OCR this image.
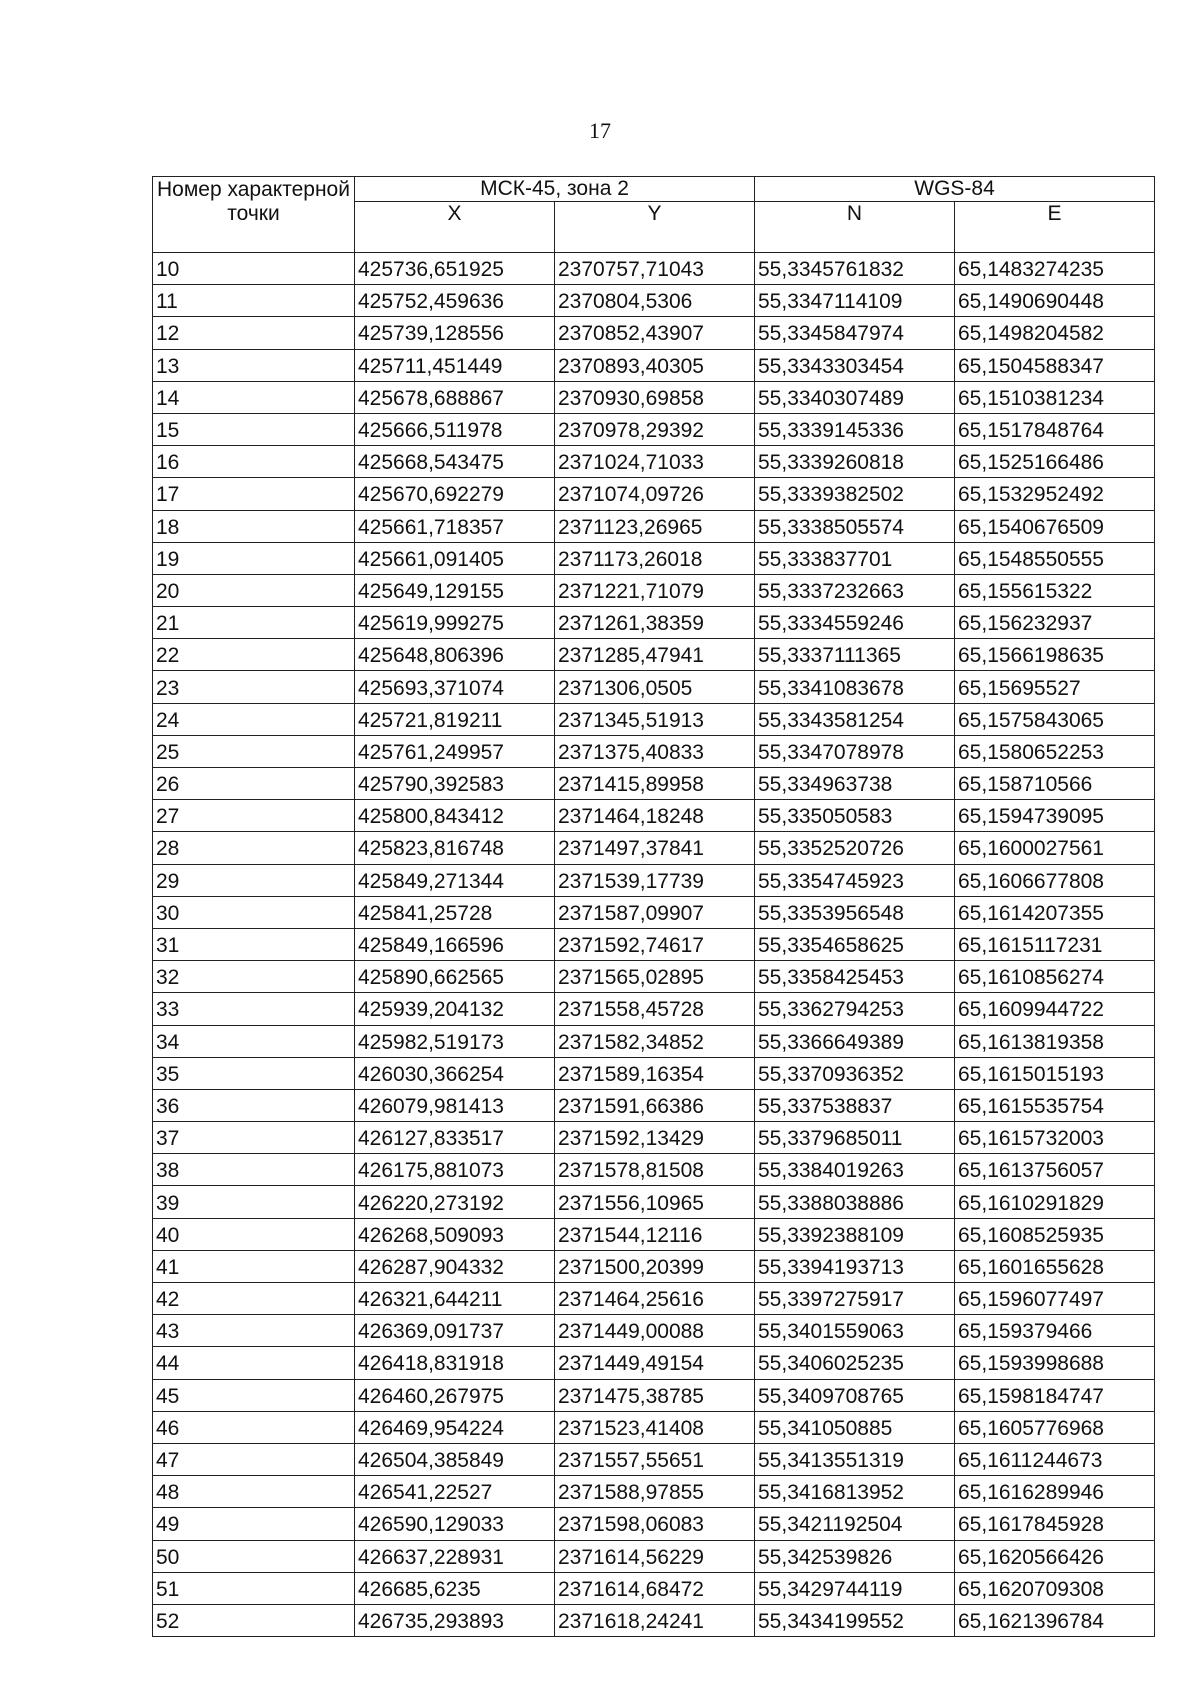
17
Номер характерной точки	МСК-45, зона 2		WGS-84	
	X	Y	N	E
10	425736,651925	2370757,71043	55,3345761832	65,1483274235
11	425752,459636	2370804,5306	55,3347114109	65,1490690448
12	425739,128556	2370852,43907	55,3345847974	65,1498204582
13	425711,451449	2370893,40305	55,3343303454	65,1504588347
14	425678,688867	2370930,69858	55,3340307489	65,1510381234
15	425666,511978	2370978,29392	55,3339145336	65,1517848764
16	425668,543475	2371024,71033	55,3339260818	65,1525166486
17	425670,692279	2371074,09726	55,3339382502	65,1532952492
18	425661,718357	2371123,26965	55,3338505574	65,1540676509
19	425661,091405	2371173,26018	55,333837701	65,1548550555
20	425649,129155	2371221,71079	55,3337232663	65,155615322
21	425619,999275	2371261,38359	55,3334559246	65,156232937
22	425648,806396	2371285,47941	55,3337111365	65,1566198635
23	425693,371074	2371306,0505	55,3341083678	65,15695527
24	425721,819211	2371345,51913	55,3343581254	65,1575843065
25	425761,249957	2371375,40833	55,3347078978	65,1580652253
26	425790,392583	2371415,89958	55,334963738	65,158710566
27	425800,843412	2371464,18248	55,335050583	65,1594739095
28	425823,816748	2371497,37841	55,3352520726	65,1600027561
29	425849,271344	2371539,17739	55,3354745923	65,1606677808
30	425841,25728	2371587,09907	55,3353956548	65,1614207355
31	425849,166596	2371592,74617	55,3354658625	65,1615117231
32	425890,662565	2371565,02895	55,3358425453	65,1610856274
33	425939,204132	2371558,45728	55,3362794253	65,1609944722
34	425982,519173	2371582,34852	55,3366649389	65,1613819358
35	426030,366254	2371589,16354	55,3370936352	65,1615015193
36	426079,981413	2371591,66386	55,337538837	65,1615535754
37	426127,833517	2371592,13429	55,3379685011	65,1615732003
38	426175,881073	2371578,81508	55,3384019263	65,1613756057
39	426220,273192	2371556,10965	55,3388038886	65,1610291829
40	426268,509093	2371544,12116	55,3392388109	65,1608525935
41	426287,904332	2371500,20399	55,3394193713	65,1601655628
42	426321,644211	2371464,25616	55,3397275917	65,1596077497
43	426369,091737	2371449,00088	55,3401559063	65,159379466
44	426418,831918	2371449,49154	55,3406025235	65,1593998688
45	426460,267975	2371475,38785	55,3409708765	65,1598184747
46	426469,954224	2371523,41408	55,341050885	65,1605776968
47	426504,385849	2371557,55651	55,3413551319	65,1611244673
48	426541,22527	2371588,97855	55,3416813952	65,1616289946
49	426590,129033	2371598,06083	55,3421192504	65,1617845928
50	426637,228931	2371614,56229	55,342539826	65,1620566426
51	426685,6235	2371614,68472	55,3429744119	65,1620709308
52	426735,293893	2371618,24241	55,3434199552	65,1621396784
